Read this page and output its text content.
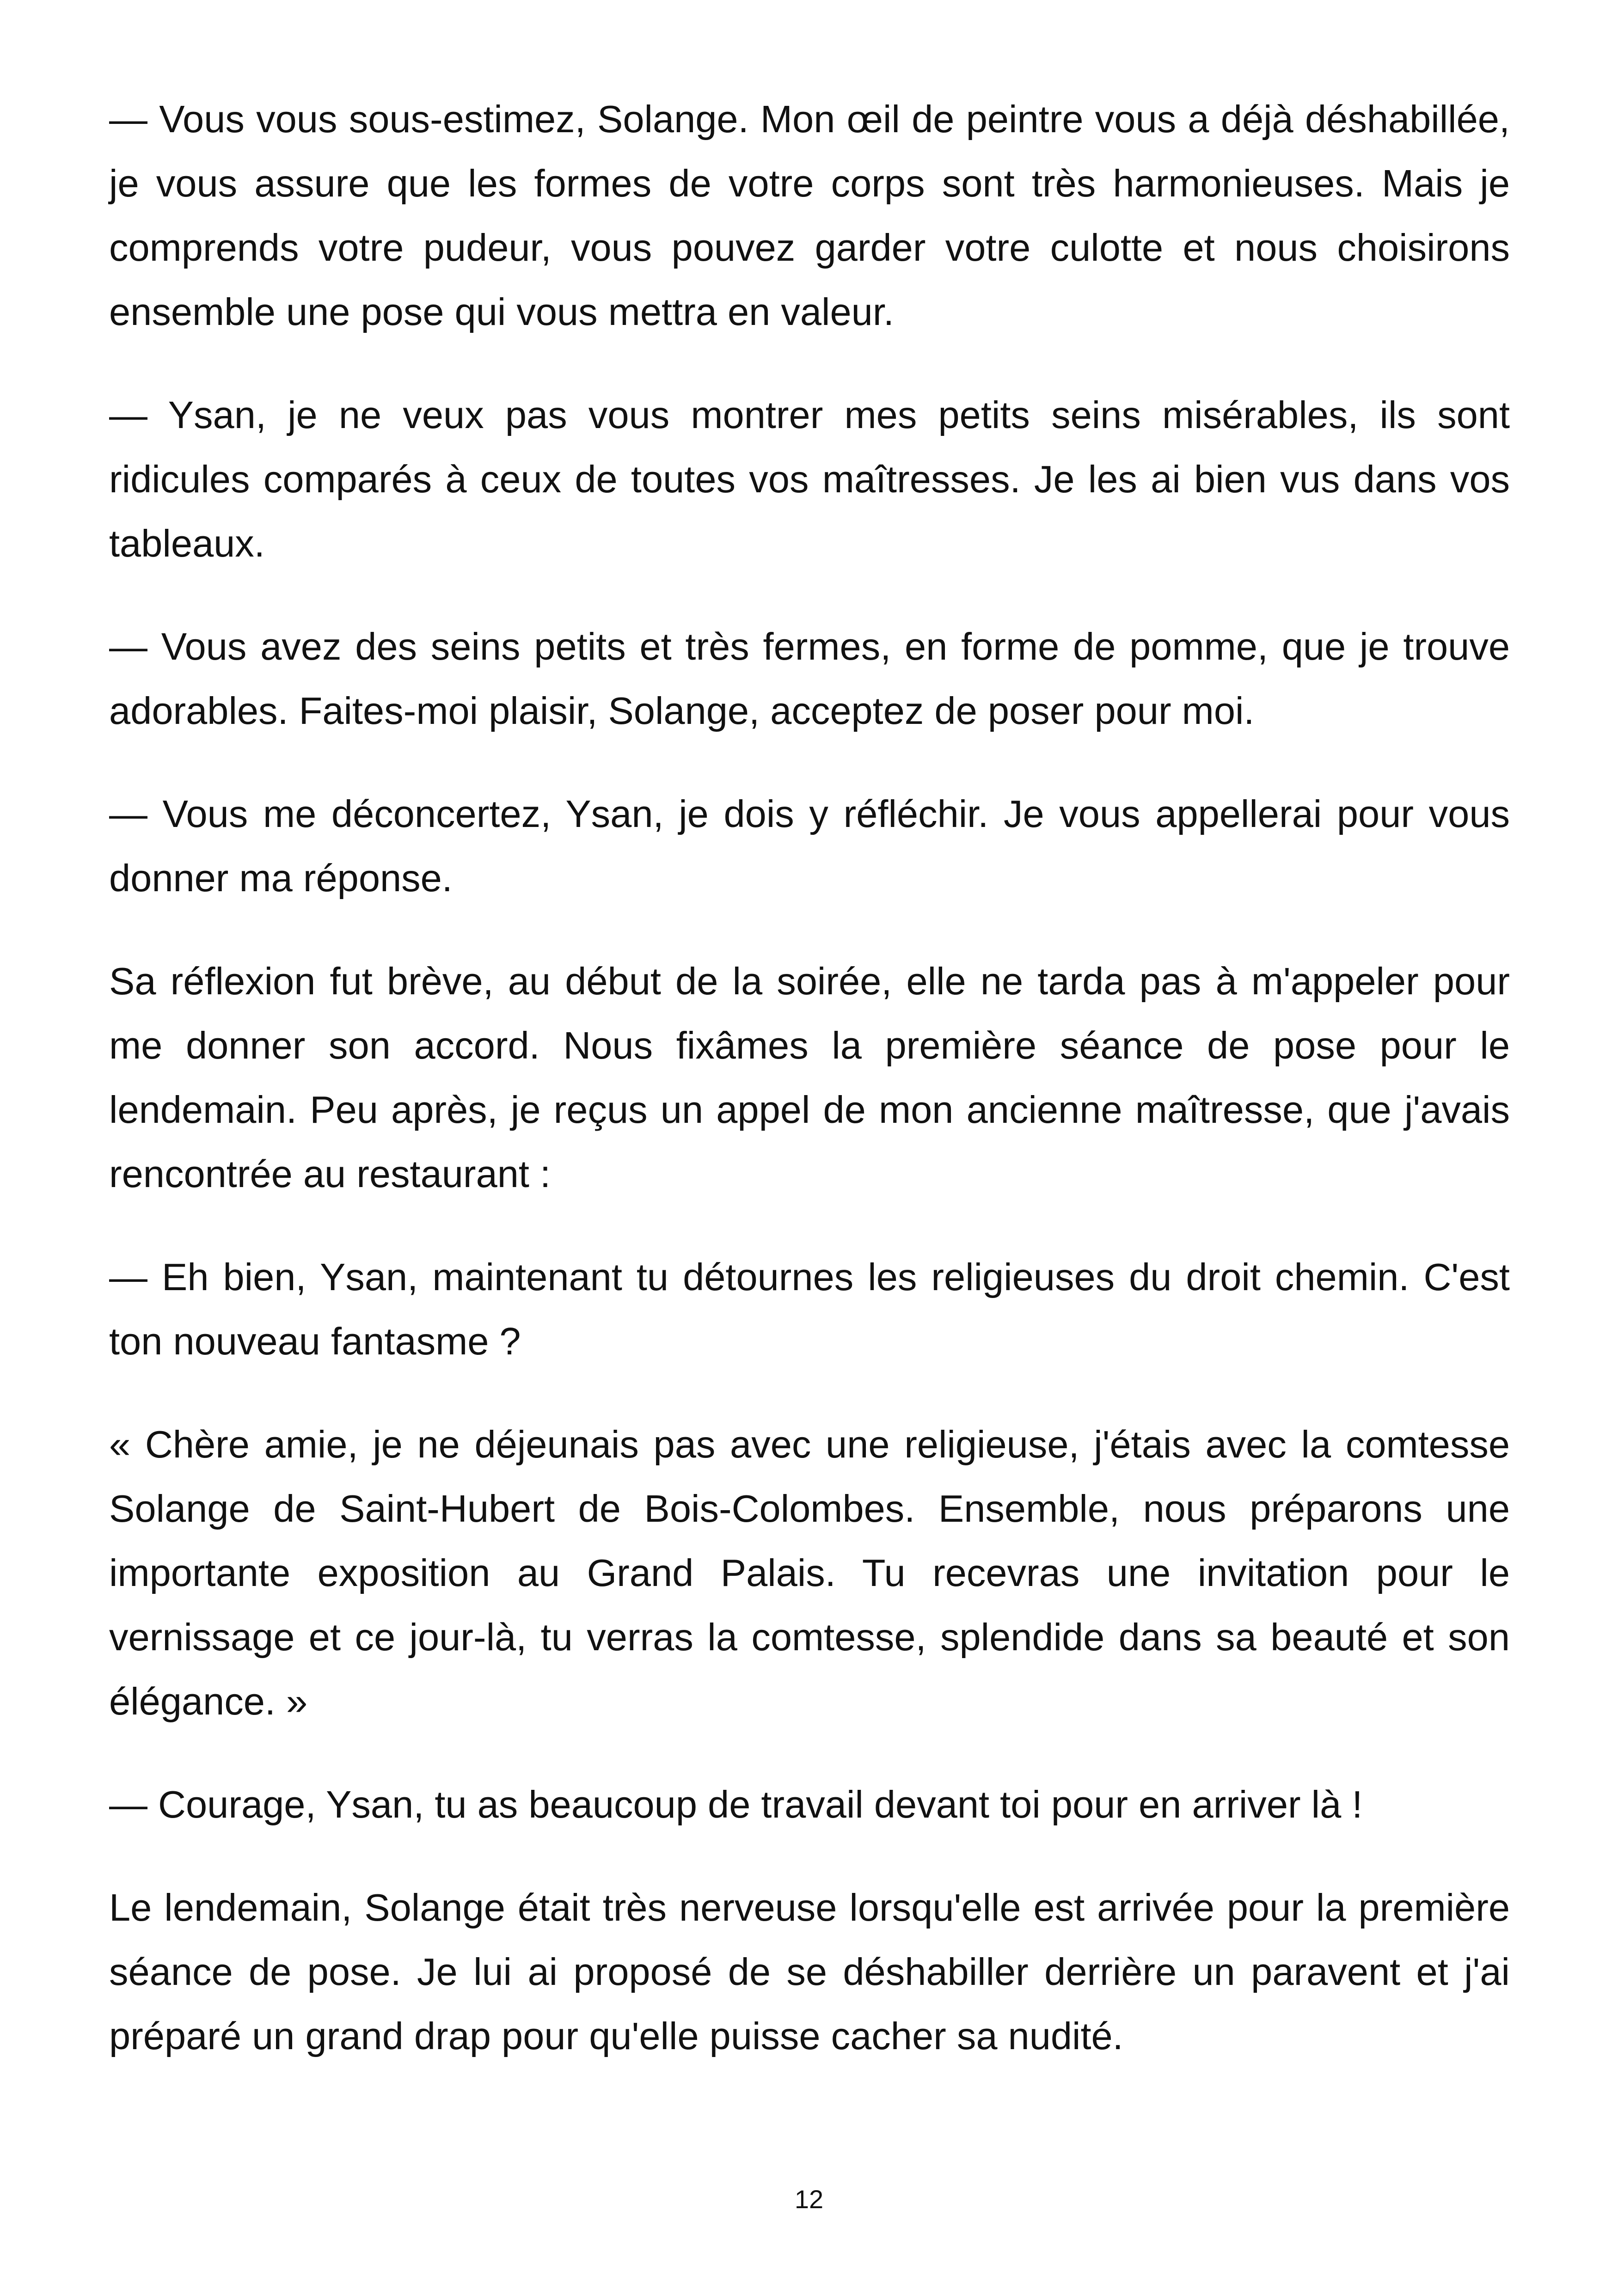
— Vous vous sous-estimez, Solange. Mon œil de peintre vous a déjà déshabillée, je vous assure que les formes de votre corps sont très harmonieuses. Mais je comprends votre pudeur, vous pouvez garder votre culotte et nous choisirons ensemble une pose qui vous mettra en valeur.

— Ysan, je ne veux pas vous montrer mes petits seins misérables, ils sont ridicules comparés à ceux de toutes vos maîtresses. Je les ai bien vus dans vos tableaux.

— Vous avez des seins petits et très fermes, en forme de pomme, que je trouve adorables. Faites-moi plaisir, Solange, acceptez de poser pour moi.

— Vous me déconcertez, Ysan, je dois y réfléchir. Je vous appellerai pour vous donner ma réponse.

Sa réflexion fut brève, au début de la soirée, elle ne tarda pas à m'appeler pour me donner son accord. Nous fixâmes la première séance de pose pour le lendemain. Peu après, je reçus un appel de mon ancienne maîtresse, que j'avais rencontrée au restaurant :

— Eh bien, Ysan, maintenant tu détournes les religieuses du droit chemin. C'est ton nouveau fantasme ?

« Chère amie, je ne déjeunais pas avec une religieuse, j'étais avec la comtesse Solange de Saint-Hubert de Bois-Colombes. Ensemble, nous préparons une importante exposition au Grand Palais. Tu recevras une invitation pour le vernissage et ce jour-là, tu verras la comtesse, splendide dans sa beauté et son élégance. »

— Courage, Ysan, tu as beaucoup de travail devant toi pour en arriver là !

Le lendemain, Solange était très nerveuse lorsqu'elle est arrivée pour la première séance de pose. Je lui ai proposé de se déshabiller derrière un paravent et j'ai préparé un grand drap pour qu'elle puisse cacher sa nudité.

12
